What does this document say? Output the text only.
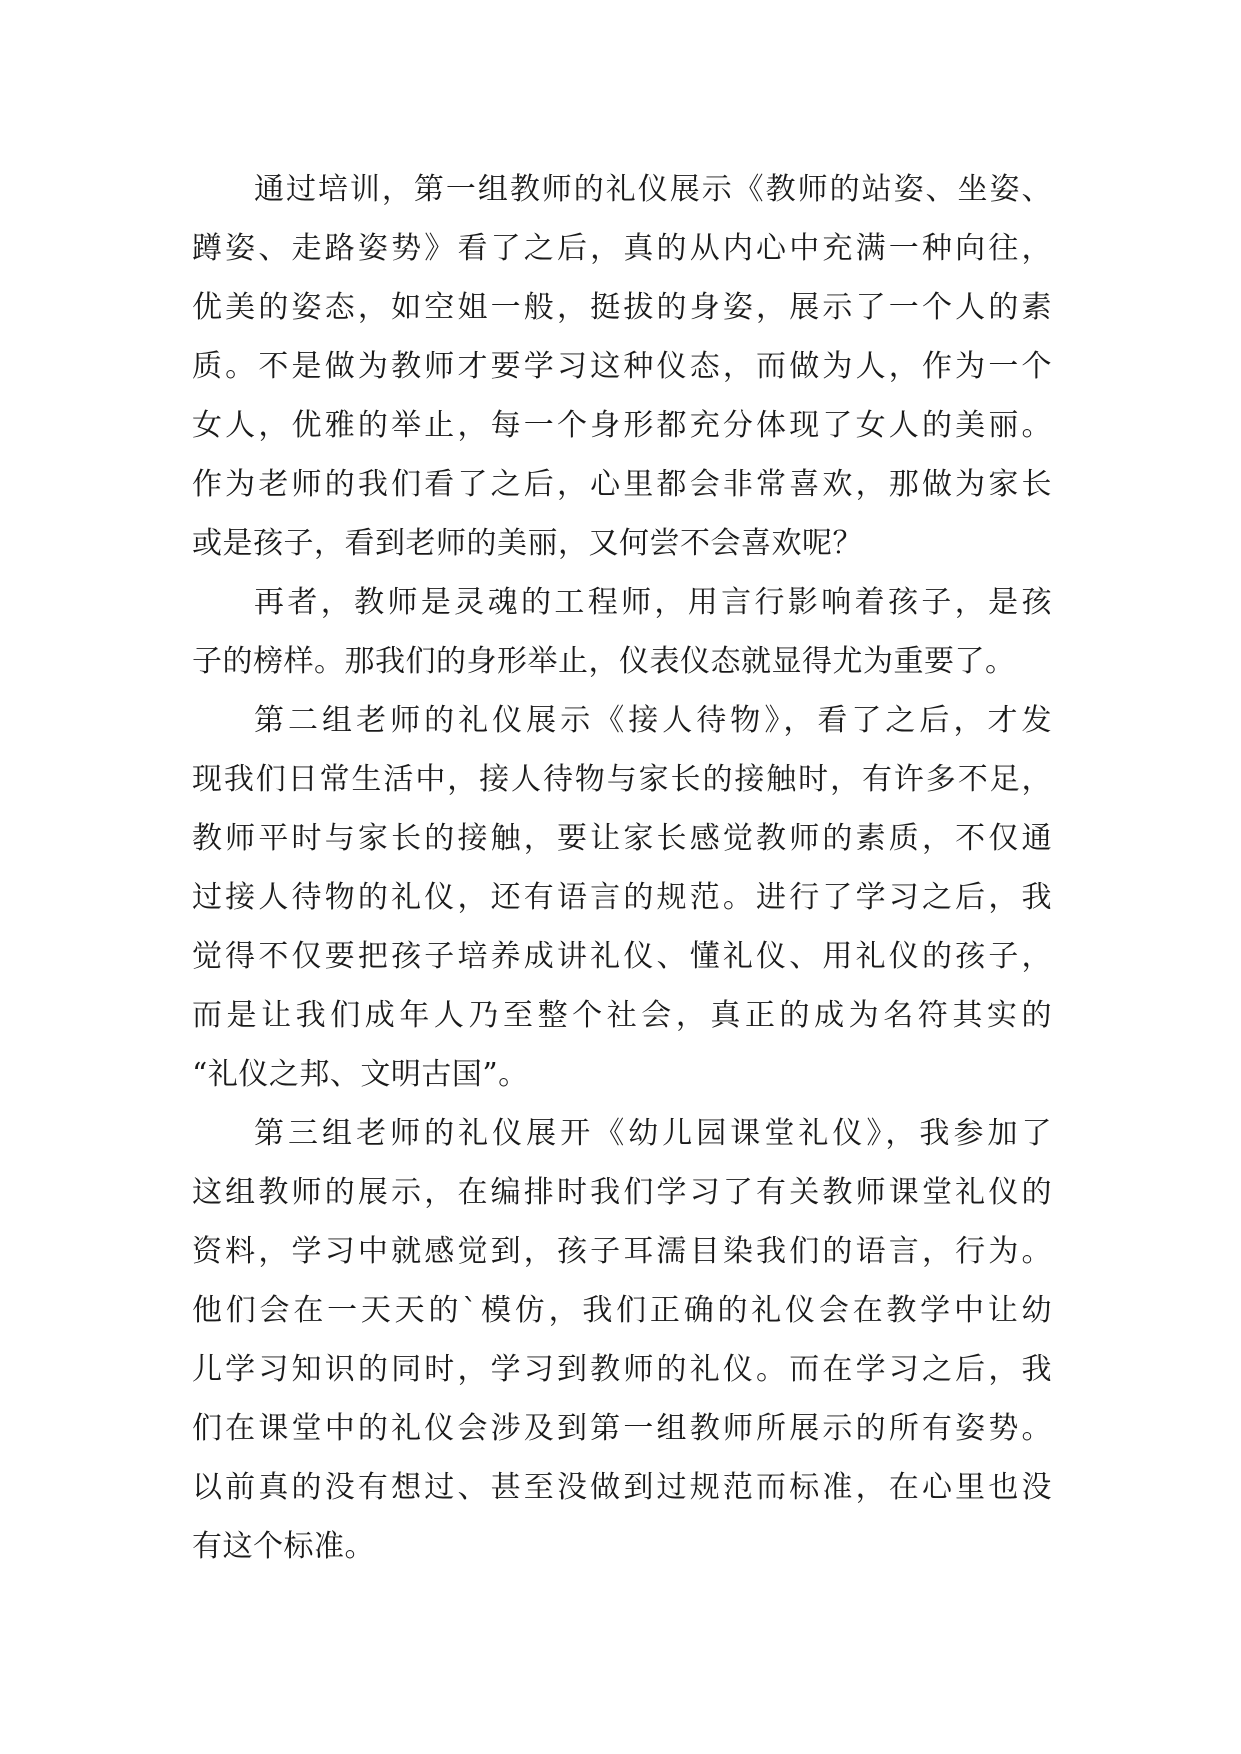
通过培训，第一组教师的礼仪展示《教师的站姿、坐姿、
蹲姿、走路姿势》看了之后，真的从内心中充满一种向往，
优美的姿态，如空姐一般，挺拔的身姿，展示了一个人的素
质。不是做为教师才要学习这种仪态，而做为人，作为一个
女人，优雅的举止，每一个身形都充分体现了女人的美丽。
作为老师的我们看了之后，心里都会非常喜欢，那做为家长
或是孩子，看到老师的美丽，又何尝不会喜欢呢？
再者，教师是灵魂的工程师，用言行影响着孩子，是孩
子的榜样。那我们的身形举止，仪表仪态就显得尤为重要了。
第二组老师的礼仪展示《接人待物》，看了之后，才发
现我们日常生活中，接人待物与家长的接触时，有许多不足，
教师平时与家长的接触，要让家长感觉教师的素质，不仅通
过接人待物的礼仪，还有语言的规范。进行了学习之后，我
觉得不仅要把孩子培养成讲礼仪、懂礼仪、用礼仪的孩子，
而是让我们成年人乃至整个社会，真正的成为名符其实的
“礼仪之邦、文明古国”。
第三组老师的礼仪展开《幼儿园课堂礼仪》，我参加了
这组教师的展示，在编排时我们学习了有关教师课堂礼仪的
资料，学习中就感觉到，孩子耳濡目染我们的语言，行为。
他们会在一天天的`模仿，我们正确的礼仪会在教学中让幼
儿学习知识的同时，学习到教师的礼仪。而在学习之后，我
们在课堂中的礼仪会涉及到第一组教师所展示的所有姿势。
以前真的没有想过、甚至没做到过规范而标准，在心里也没
有这个标准。
